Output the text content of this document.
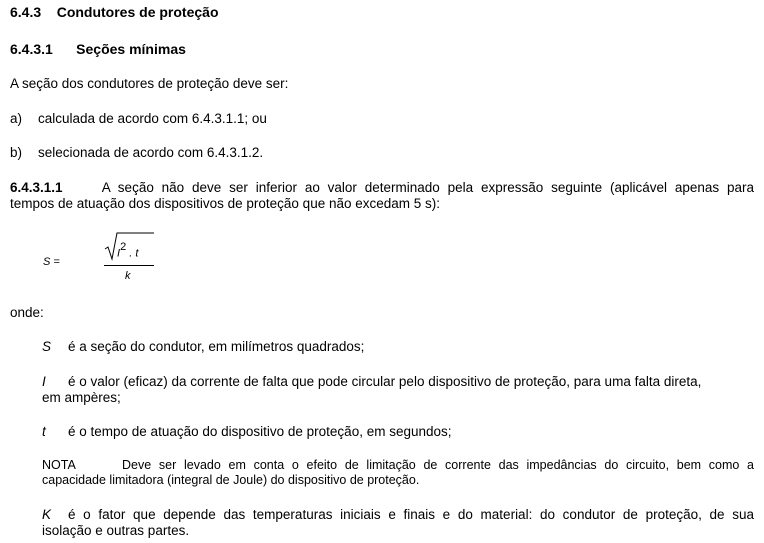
6.4.3 Condutores de proteção
6.4.3.1 Seções mínimas
A seção dos condutores de proteção deve ser:
a) calculada de acordo com 6.4.3.1.1; ou
b) selecionada de acordo com 6.4.3.1.2.
6.4.3.1.1	A seção não deve ser inferior ao valor determinado pela expressão seguinte (aplicável apenas para
tempos de atuação dos dispositivos de proteção que não excedam 5 s):
S =
$I^2$ . t
k
onde:
S é a seção do condutor, em milímetros quadrados;
I é o valor (eficaz) da corrente de falta que pode circular pelo dispositivo de proteção, para uma falta direta,
em ampères;
t é o tempo de atuação do dispositivo de proteção, em segundos;
NOTA	Deve ser levado em conta o efeito de limitação de corrente das impedâncias do circuito, bem como a
capacidade limitadora (integral de Joule) do dispositivo de proteção.
K é o fator que depende das temperaturas iniciais e finais e do material: do condutor de proteção, de sua
isolação e outras partes.
